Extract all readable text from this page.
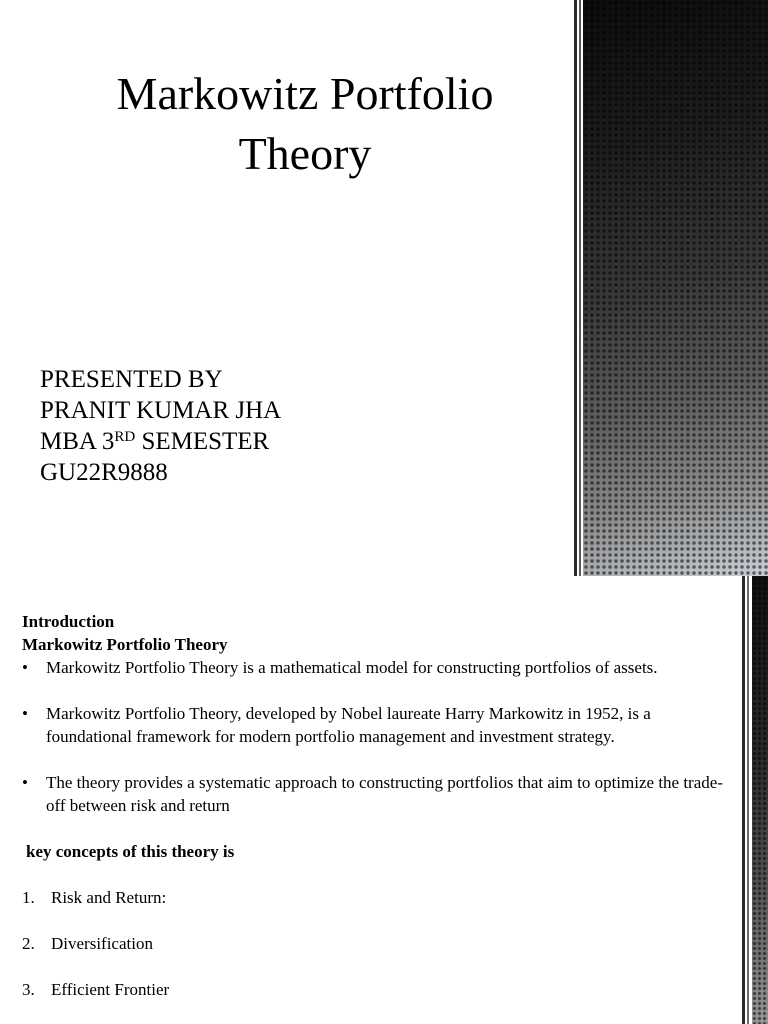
Markowitz Portfolio
Theory
PRESENTED BY
PRANIT KUMAR JHA
MBA 3RD SEMESTER
GU22R9888
Introduction
Markowitz Portfolio Theory
• Markowitz Portfolio Theory is a mathematical model for constructing portfolios of assets.
• Markowitz Portfolio Theory, developed by Nobel laureate Harry Markowitz in 1952, is a foundational framework for modern portfolio management and investment strategy.
• The theory provides a systematic approach to constructing portfolios that aim to optimize the trade-off between risk and return
key concepts of this theory is
1. Risk and Return:
2. Diversification
3. Efficient Frontier
